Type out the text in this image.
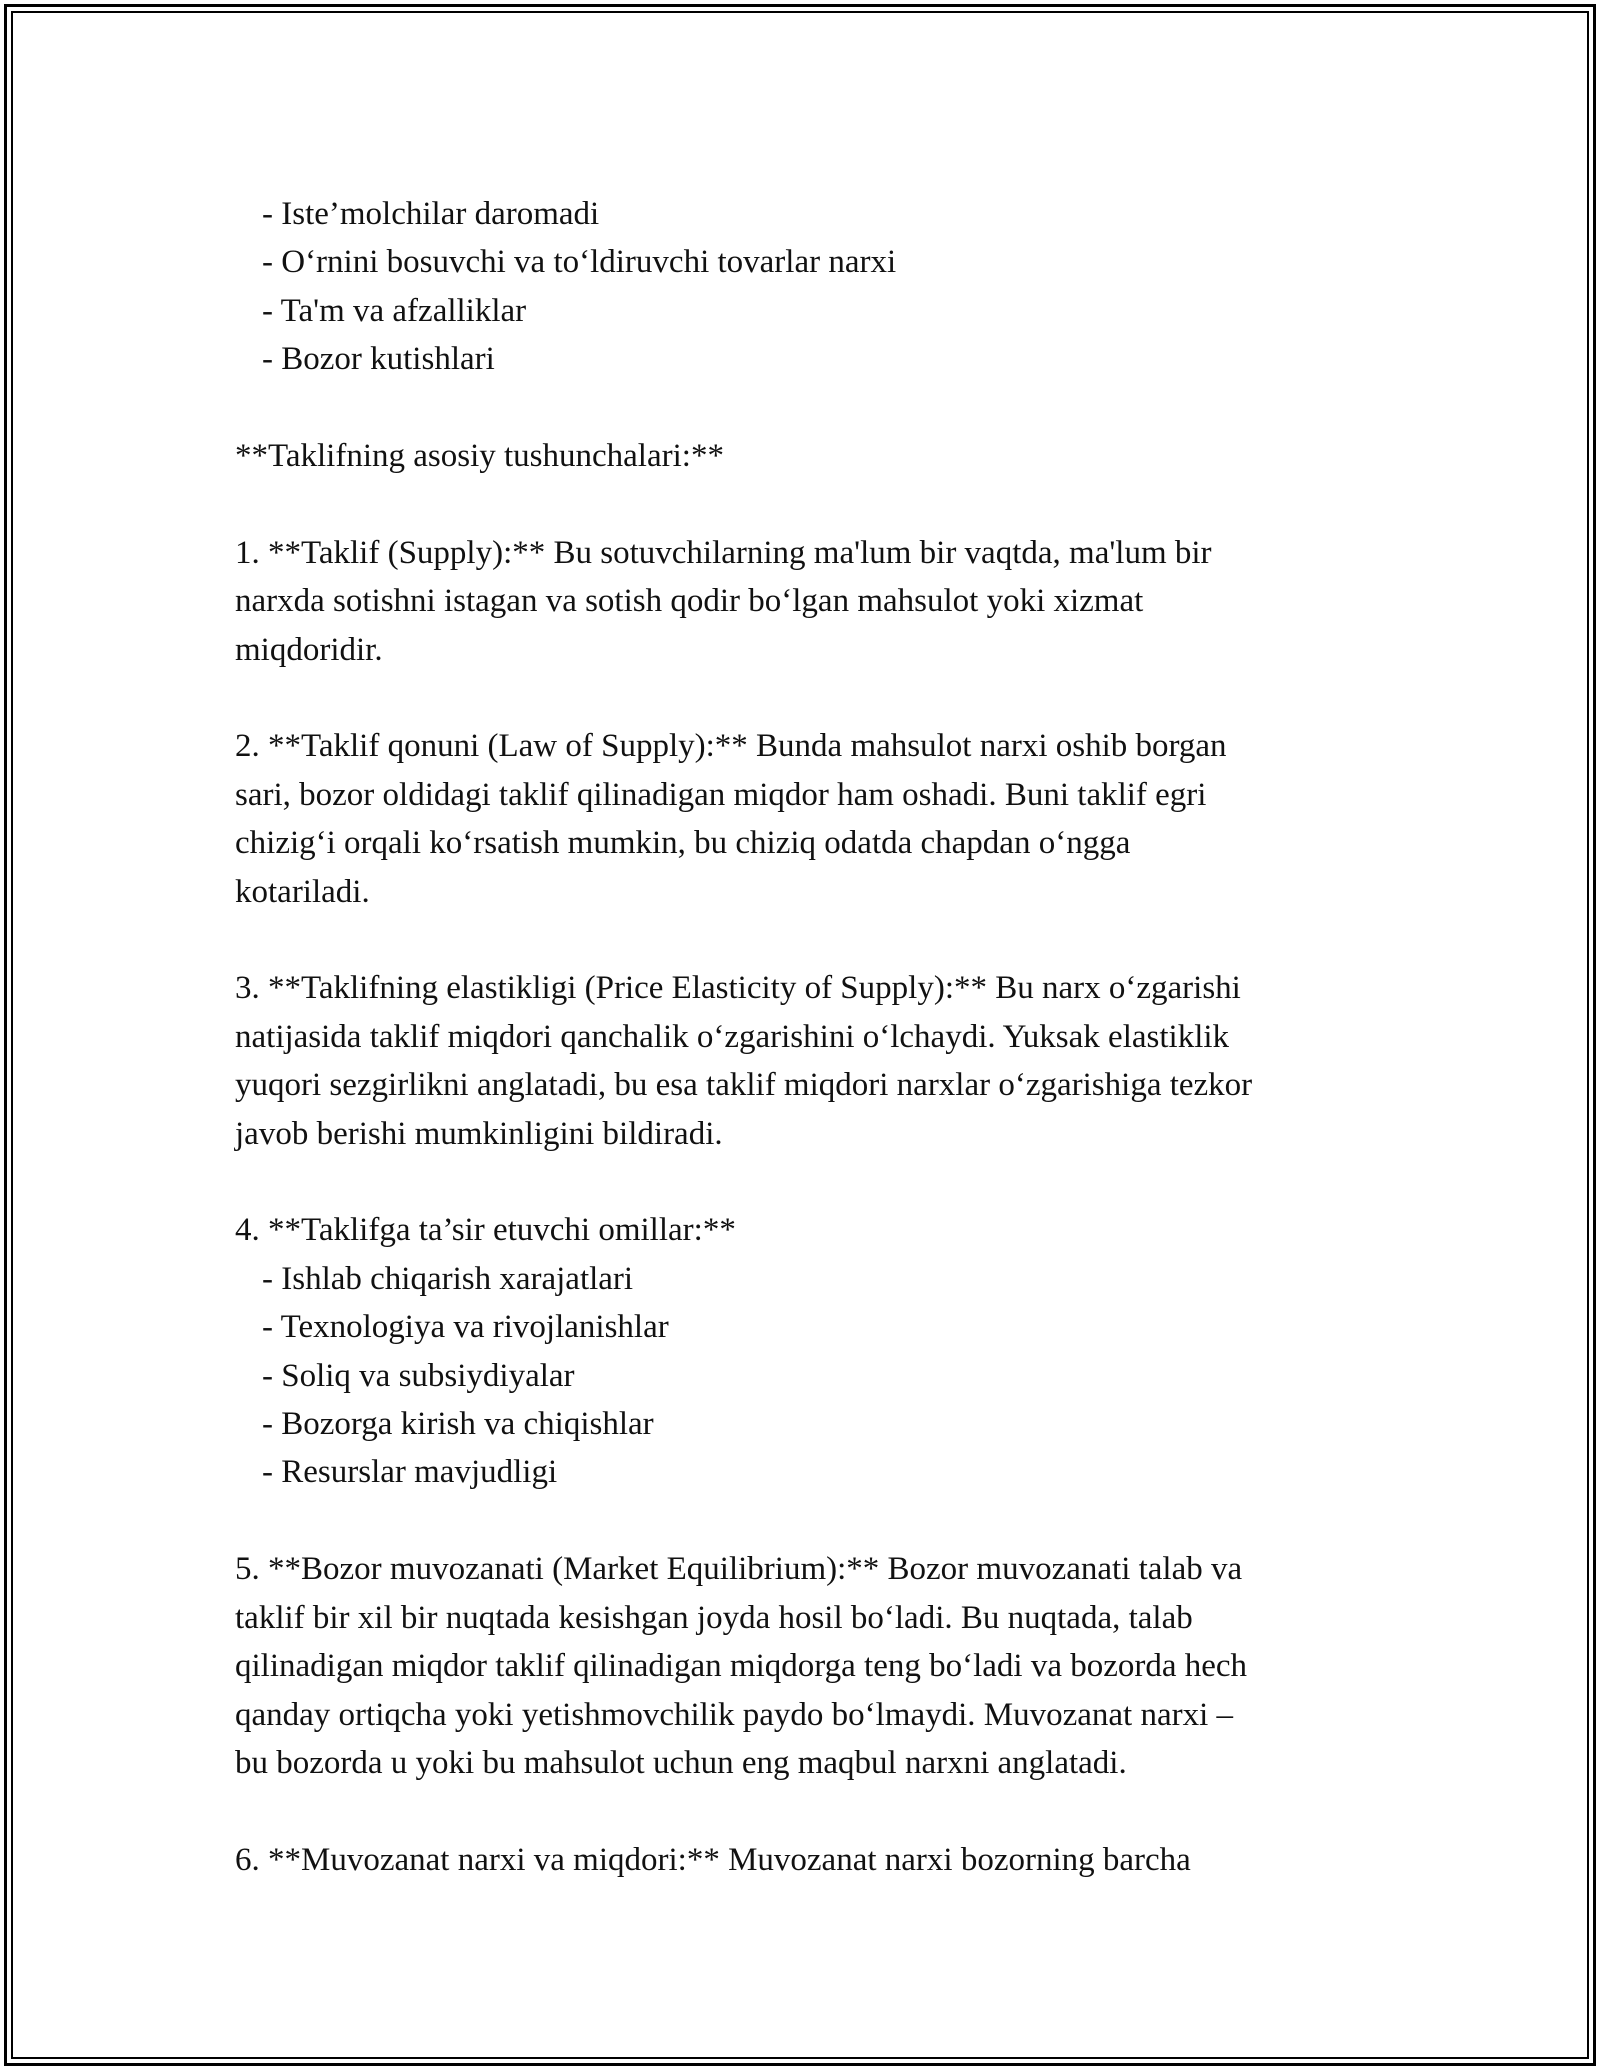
- Iste’molchilar daromadi
- O‘rnini bosuvchi va to‘ldiruvchi tovarlar narxi
- Ta'm va afzalliklar
- Bozor kutishlari
**Taklifning asosiy tushunchalari:**
1. **Taklif (Supply):** Bu sotuvchilarning ma'lum bir vaqtda, ma'lum bir
narxda sotishni istagan va sotish qodir bo‘lgan mahsulot yoki xizmat
miqdoridir.
2. **Taklif qonuni (Law of Supply):** Bunda mahsulot narxi oshib borgan
sari, bozor oldidagi taklif qilinadigan miqdor ham oshadi. Buni taklif egri
chizig‘i orqali ko‘rsatish mumkin, bu chiziq odatda chapdan o‘ngga
kotariladi.
3. **Taklifning elastikligi (Price Elasticity of Supply):** Bu narx o‘zgarishi
natijasida taklif miqdori qanchalik o‘zgarishini o‘lchaydi. Yuksak elastiklik
yuqori sezgirlikni anglatadi, bu esa taklif miqdori narxlar o‘zgarishiga tezkor
javob berishi mumkinligini bildiradi.
4. **Taklifga ta’sir etuvchi omillar:**
- Ishlab chiqarish xarajatlari
- Texnologiya va rivojlanishlar
- Soliq va subsiydiyalar
- Bozorga kirish va chiqishlar
- Resurslar mavjudligi
5. **Bozor muvozanati (Market Equilibrium):** Bozor muvozanati talab va
taklif bir xil bir nuqtada kesishgan joyda hosil bo‘ladi. Bu nuqtada, talab
qilinadigan miqdor taklif qilinadigan miqdorga teng bo‘ladi va bozorda hech
qanday ortiqcha yoki yetishmovchilik paydo bo‘lmaydi. Muvozanat narxi –
bu bozorda u yoki bu mahsulot uchun eng maqbul narxni anglatadi.
6. **Muvozanat narxi va miqdori:** Muvozanat narxi bozorning barcha
